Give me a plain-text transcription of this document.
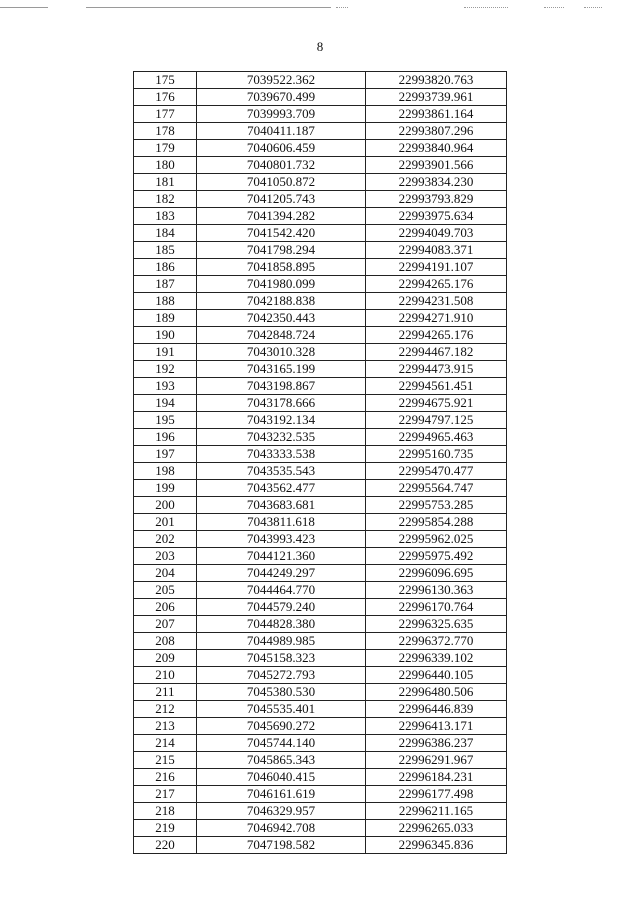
8
175	7039522.362	22993820.763
176	7039670.499	22993739.961
177	7039993.709	22993861.164
178	7040411.187	22993807.296
179	7040606.459	22993840.964
180	7040801.732	22993901.566
181	7041050.872	22993834.230
182	7041205.743	22993793.829
183	7041394.282	22993975.634
184	7041542.420	22994049.703
185	7041798.294	22994083.371
186	7041858.895	22994191.107
187	7041980.099	22994265.176
188	7042188.838	22994231.508
189	7042350.443	22994271.910
190	7042848.724	22994265.176
191	7043010.328	22994467.182
192	7043165.199	22994473.915
193	7043198.867	22994561.451
194	7043178.666	22994675.921
195	7043192.134	22994797.125
196	7043232.535	22994965.463
197	7043333.538	22995160.735
198	7043535.543	22995470.477
199	7043562.477	22995564.747
200	7043683.681	22995753.285
201	7043811.618	22995854.288
202	7043993.423	22995962.025
203	7044121.360	22995975.492
204	7044249.297	22996096.695
205	7044464.770	22996130.363
206	7044579.240	22996170.764
207	7044828.380	22996325.635
208	7044989.985	22996372.770
209	7045158.323	22996339.102
210	7045272.793	22996440.105
211	7045380.530	22996480.506
212	7045535.401	22996446.839
213	7045690.272	22996413.171
214	7045744.140	22996386.237
215	7045865.343	22996291.967
216	7046040.415	22996184.231
217	7046161.619	22996177.498
218	7046329.957	22996211.165
219	7046942.708	22996265.033
220	7047198.582	22996345.836
